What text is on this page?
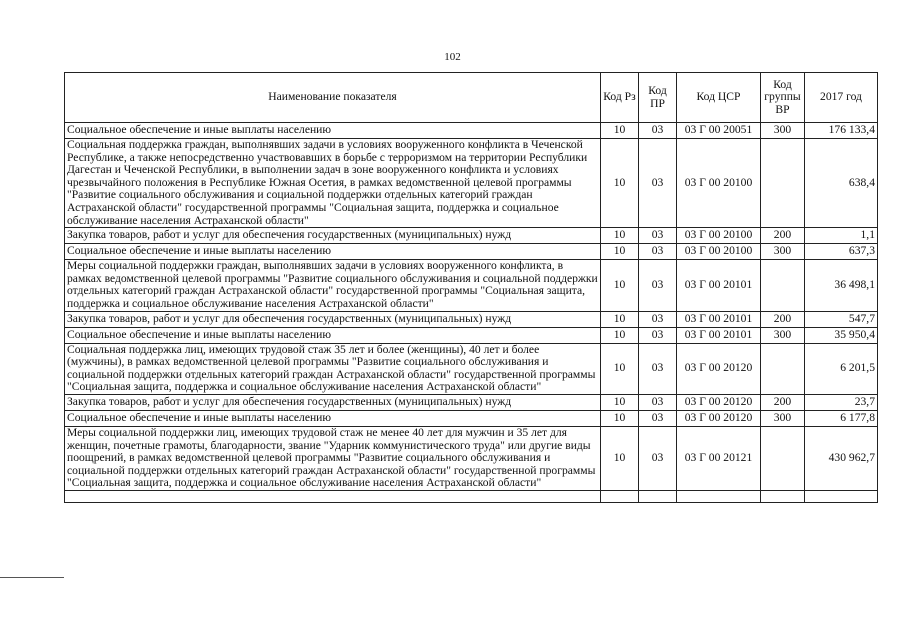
102
Наименование показателя	Код Рз	Код ПР	Код ЦСР	Код группы ВР	2017 год
Социальное обеспечение и иные выплаты населению	10	03	03 Г 00 20051	300	176 133,4
Социальная поддержка граждан, выполнявших задачи в условиях вооруженного конфликта в Чеченской Республике, а также непосредственно участвовавших в борьбе с терроризмом на территории Республики Дагестан и Чеченской Республики, в выполнении задач в зоне вооруженного конфликта и условиях чрезвычайного положения в Республике Южная Осетия, в рамках ведомственной целевой программы "Развитие социального обслуживания и социальной поддержки отдельных категорий граждан Астраханской области" государственной программы "Социальная защита, поддержка и социальное обслуживание населения Астраханской области"	10	03	03 Г 00 20100		638,4
Закупка товаров, работ и услуг для обеспечения государственных (муниципальных) нужд	10	03	03 Г 00 20100	200	1,1
Социальное обеспечение и иные выплаты населению	10	03	03 Г 00 20100	300	637,3
Меры социальной поддержки граждан, выполнявших задачи в условиях вооруженного конфликта, в рамках ведомственной целевой программы "Развитие социального обслуживания и социальной поддержки отдельных категорий граждан Астраханской области" государственной программы "Социальная защита, поддержка и социальное обслуживание населения Астраханской области"	10	03	03 Г 00 20101		36 498,1
Закупка товаров, работ и услуг для обеспечения государственных (муниципальных) нужд	10	03	03 Г 00 20101	200	547,7
Социальное обеспечение и иные выплаты населению	10	03	03 Г 00 20101	300	35 950,4
Социальная поддержка лиц, имеющих трудовой стаж 35 лет и более (женщины), 40 лет и более (мужчины), в рамках ведомственной целевой программы "Развитие социального обслуживания и социальной поддержки отдельных категорий граждан Астраханской области" государственной программы "Социальная защита, поддержка и социальное обслуживание населения Астраханской области"	10	03	03 Г 00 20120		6 201,5
Закупка товаров, работ и услуг для обеспечения государственных (муниципальных) нужд	10	03	03 Г 00 20120	200	23,7
Социальное обеспечение и иные выплаты населению	10	03	03 Г 00 20120	300	6 177,8
Меры социальной поддержки лиц, имеющих трудовой стаж не менее 40 лет для мужчин и 35 лет для женщин, почетные грамоты, благодарности, звание "Ударник коммунистического труда" или другие виды поощрений, в рамках ведомственной целевой программы "Развитие социального обслуживания и социальной поддержки отдельных категорий граждан Астраханской области" государственной программы "Социальная защита, поддержка и социальное обслуживание населения Астраханской области"	10	03	03 Г 00 20121		430 962,7
